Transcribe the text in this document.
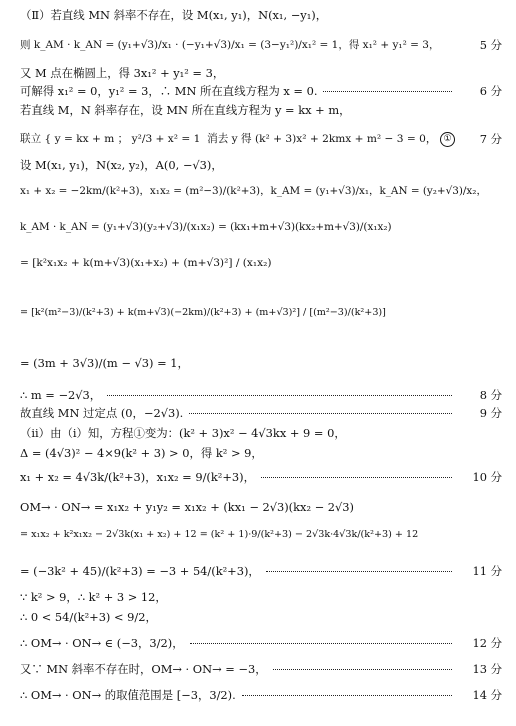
（Ⅱ）若直线 MN 斜率不存在，设 M(x₁, y₁)，N(x₁, −y₁)，
则 k_AM · k_AN = (y₁+√3)/x₁ · (−y₁+√3)/x₁ = (3−y₁²)/x₁² = 1，得 x₁² + y₁² = 3，	5 分
又 M 点在椭圆上，得 3x₁² + y₁² = 3，
可解得 x₁² = 0，y₁² = 3，∴ MN 所在直线方程为 x = 0.	6 分
若直线 M，N 斜率存在，设 MN 所在直线方程为 y = kx + m，
联立 { y = kx + m ； y²/3 + x² = 1  消去 y 得 (k² + 3)x² + 2kmx + m² − 3 = 0， ①	7 分
设 M(x₁, y₁)，N(x₂, y₂)，A(0, −√3)，
x₁ + x₂ = −2km/(k²+3)，x₁x₂ = (m²−3)/(k²+3)，k_AM = (y₁+√3)/x₁，k_AN = (y₂+√3)/x₂，
k_AM · k_AN = (y₁+√3)(y₂+√3)/(x₁x₂) = (kx₁+m+√3)(kx₂+m+√3)/(x₁x₂)
= [k²x₁x₂ + k(m+√3)(x₁+x₂) + (m+√3)²] / (x₁x₂)
= [k²(m²−3)/(k²+3) + k(m+√3)(−2km)/(k²+3) + (m+√3)²] / [(m²−3)/(k²+3)]
= (3m + 3√3)/(m − √3) = 1，
∴ m = −2√3，	8 分
故直线 MN 过定点 (0，−2√3).	9 分
（ii）由（i）知，方程①变为：(k² + 3)x² − 4√3kx + 9 = 0，
Δ = (4√3)² − 4×9(k² + 3) > 0，得 k² > 9，
x₁ + x₂ = 4√3k/(k²+3)，x₁x₂ = 9/(k²+3)，	10 分
OM→ · ON→ = x₁x₂ + y₁y₂ = x₁x₂ + (kx₁ − 2√3)(kx₂ − 2√3)
= x₁x₂ + k²x₁x₂ − 2√3k(x₁ + x₂) + 12 = (k² + 1)·9/(k²+3) − 2√3k·4√3k/(k²+3) + 12
= (−3k² + 45)/(k²+3) = −3 + 54/(k²+3)，	11 分
∵ k² > 9，∴ k² + 3 > 12，
∴ 0 < 54/(k²+3) < 9/2，
∴ OM→ · ON→ ∈ (−3，3/2)，	12 分
又∵ MN 斜率不存在时，OM→ · ON→ = −3，	13 分
∴ OM→ · ON→ 的取值范围是 [−3，3/2).	14 分
